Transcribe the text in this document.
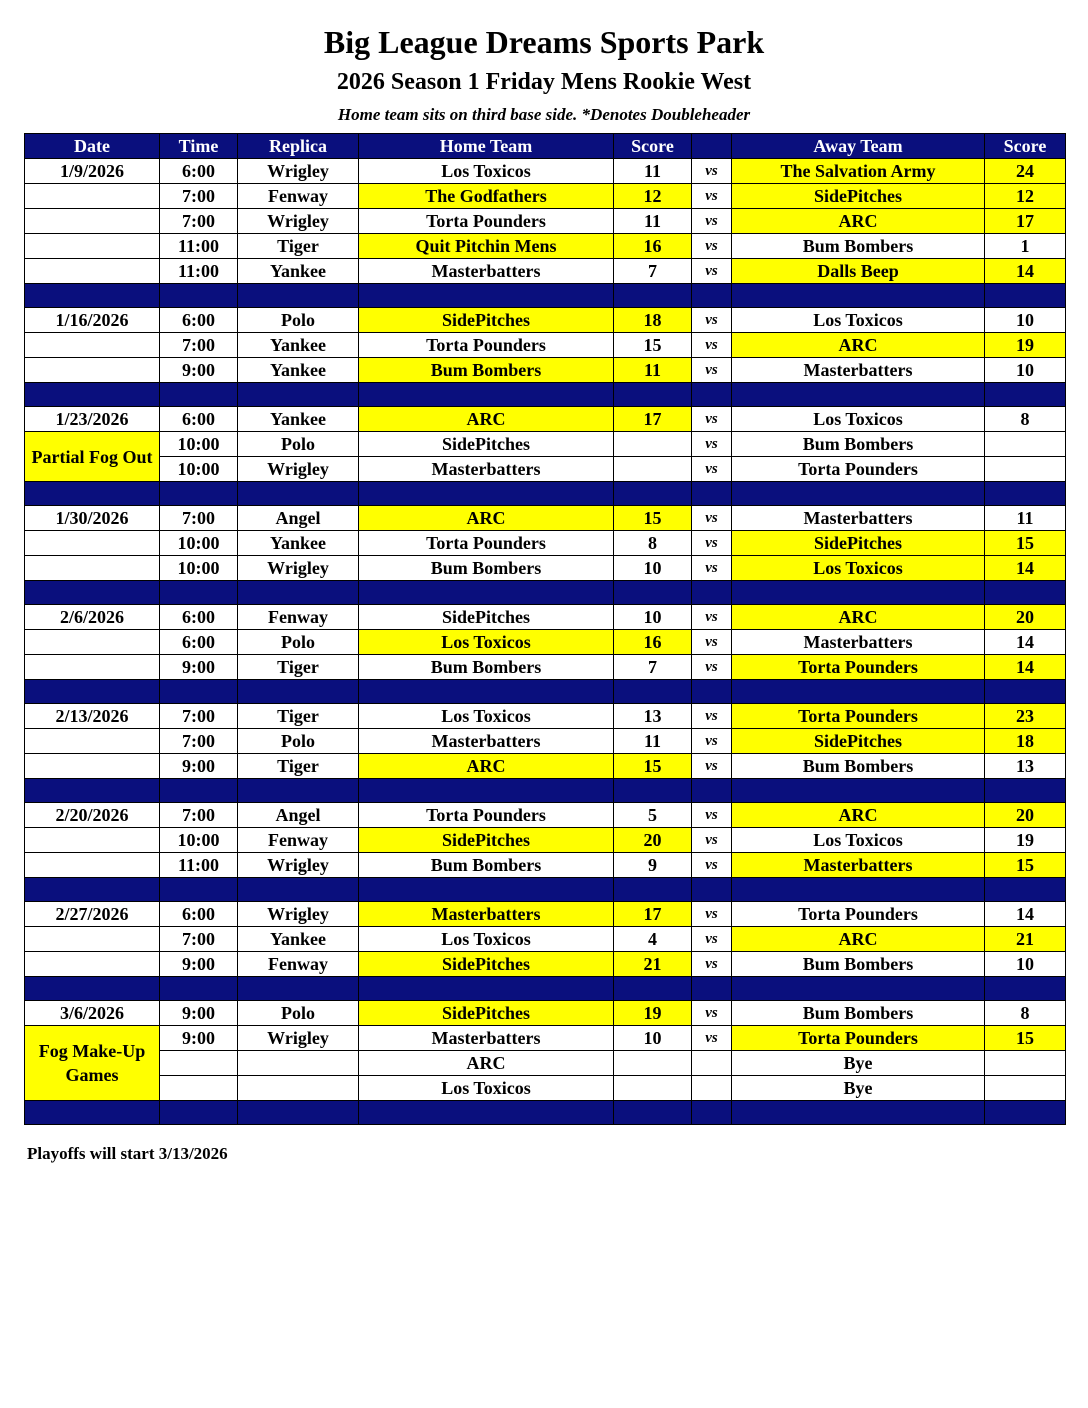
Big League Dreams Sports Park
2026 Season 1 Friday Mens Rookie West

Home team sits on third base side. *Denotes Doubleheader

Date	Time	Replica	Home Team	Score		Away Team	Score
1/9/2026	6:00	Wrigley	Los Toxicos	11	vs	The Salvation Army	24
	7:00	Fenway	The Godfathers	12	vs	SidePitches	12
	7:00	Wrigley	Torta Pounders	11	vs	ARC	17
	11:00	Tiger	Quit Pitchin Mens	16	vs	Bum Bombers	1
	11:00	Yankee	Masterbatters	7	vs	Dalls Beep	14

1/16/2026	6:00	Polo	SidePitches	18	vs	Los Toxicos	10
	7:00	Yankee	Torta Pounders	15	vs	ARC	19
	9:00	Yankee	Bum Bombers	11	vs	Masterbatters	10

1/23/2026	6:00	Yankee	ARC	17	vs	Los Toxicos	8
Partial Fog Out	10:00	Polo	SidePitches		vs	Bum Bombers	
	10:00	Wrigley	Masterbatters		vs	Torta Pounders	

1/30/2026	7:00	Angel	ARC	15	vs	Masterbatters	11
	10:00	Yankee	Torta Pounders	8	vs	SidePitches	15
	10:00	Wrigley	Bum Bombers	10	vs	Los Toxicos	14

2/6/2026	6:00	Fenway	SidePitches	10	vs	ARC	20
	6:00	Polo	Los Toxicos	16	vs	Masterbatters	14
	9:00	Tiger	Bum Bombers	7	vs	Torta Pounders	14

2/13/2026	7:00	Tiger	Los Toxicos	13	vs	Torta Pounders	23
	7:00	Polo	Masterbatters	11	vs	SidePitches	18
	9:00	Tiger	ARC	15	vs	Bum Bombers	13

2/20/2026	7:00	Angel	Torta Pounders	5	vs	ARC	20
	10:00	Fenway	SidePitches	20	vs	Los Toxicos	19
	11:00	Wrigley	Bum Bombers	9	vs	Masterbatters	15

2/27/2026	6:00	Wrigley	Masterbatters	17	vs	Torta Pounders	14
	7:00	Yankee	Los Toxicos	4	vs	ARC	21
	9:00	Fenway	SidePitches	21	vs	Bum Bombers	10

3/6/2026	9:00	Polo	SidePitches	19	vs	Bum Bombers	8
Fog Make-Up Games	9:00	Wrigley	Masterbatters	10	vs	Torta Pounders	15
			ARC			Bye	
			Los Toxicos			Bye	

Playoffs will start 3/13/2026
